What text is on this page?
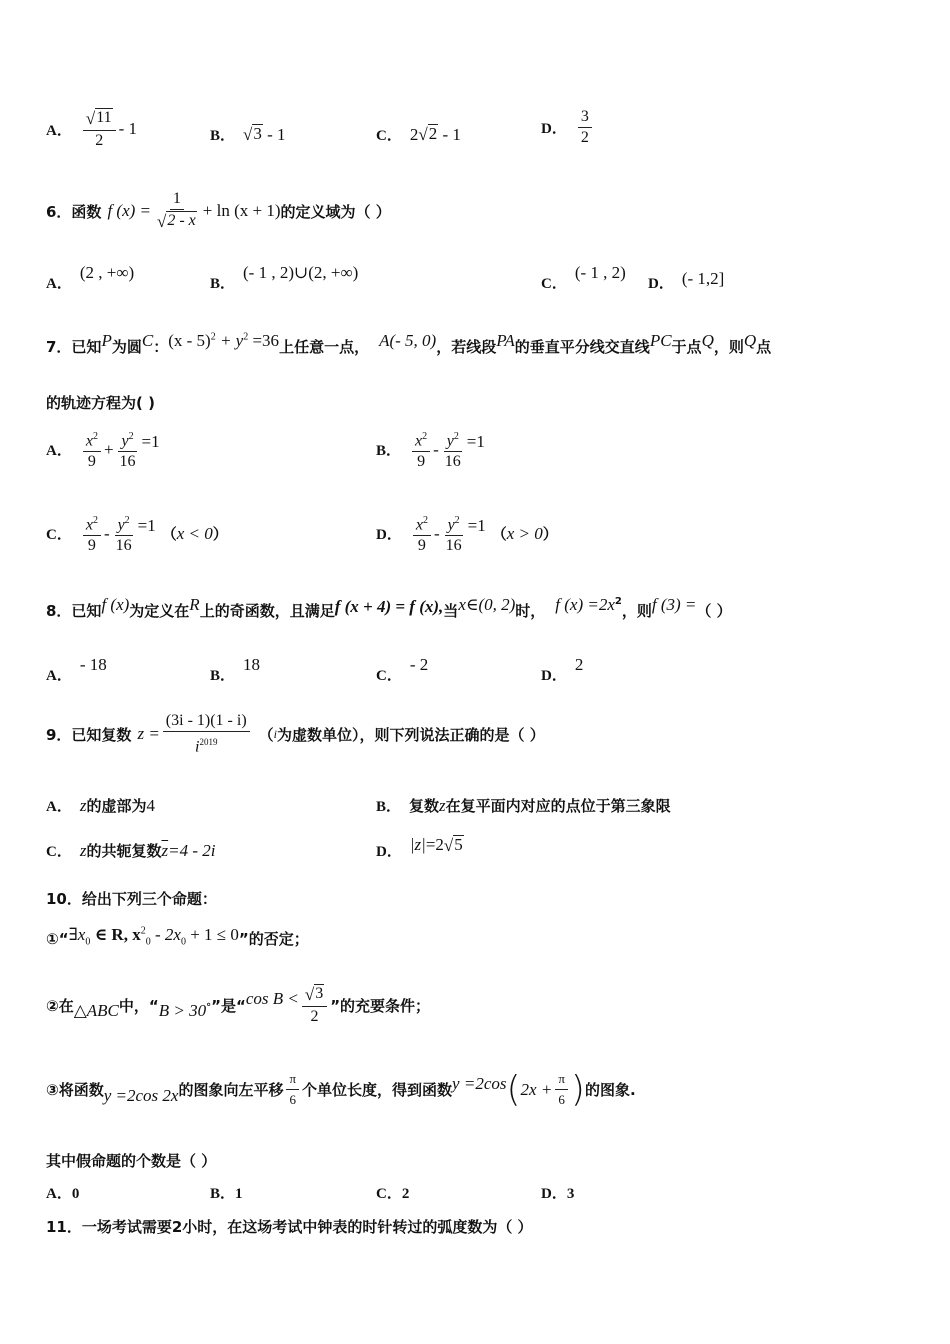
A． $\frac{√ 11}{2} - 1$	B． √ 3 - 1	C． 2 √ 2 - 1	D． $\frac{3}{2}$
6．函数 f $(x) = \frac{1}{√ 2 - x} + \ln (x + 1)$ 的定义域为（ ）
A．
(2 , +∞)
B．
(- 1 , 2)∪(2, +∞)
C．
(- 1 , 2)
D． (- 1,2]
7．已知P为圆C：$(x - 5)^2 + y^2 =36$上任意一点， A(- 5, 0)，若线段PA的垂直平分线交直线PC于点Q，则Q点
的轨迹方程为( )
A． $\frac{x^2}{9} + \frac{y^2}{16} =1$
B． $\frac{x^2}{9} - \frac{y^2}{16} =1$
C． $\frac{x^2}{9} - \frac{y^2}{16} =1$ （ x < 0 ）	D． $\frac{x^2}{9} - \frac{y^2}{16} =1$ （ x > 0 ）
8．已知f (x)为定义在R上的奇函数，且满足f (x + 4) = f (x),当x∈(0, 2)时， f $(x) =2x^2$，则f (3) =（ ）
A．
- 18
B．
18
C．
- 2
D．
2
9．已知复数 $z = \frac{(3i - 1)(1 - i)}{i^{2019}}$ （ i 为虚数单位），则下列说法正确的是（ ）
A． z 的虚部为 4	B． 复数 z 在复平面内对应的点位于第三象限
C． z 的共轭复数 $\overline{z} =4 - 2i$	D． |z| =2 √ 5
10．给出下列三个命题：
$①“\exists x_0$ ∈ R, $x^2_0 - 2x_0 + 1 \le 0$”的否定；
②在 △ABC 中，“ B > 30 ° ”是“ $\cos B < \frac{√ 3}{2}$ ”的充要条件；
③将函数 y =2cos 2x 的图象向左平移 $\frac{\pi}{6}$ 个单位长度，得到函数 y =2cos ( $2x + \frac{\pi}{6}$ ) 的图象.
其中假命题的个数是（ ）
A．0	B．1	C．2	D．3
11．一场考试需要2小时，在这场考试中钟表的时针转过的弧度数为（ ）
